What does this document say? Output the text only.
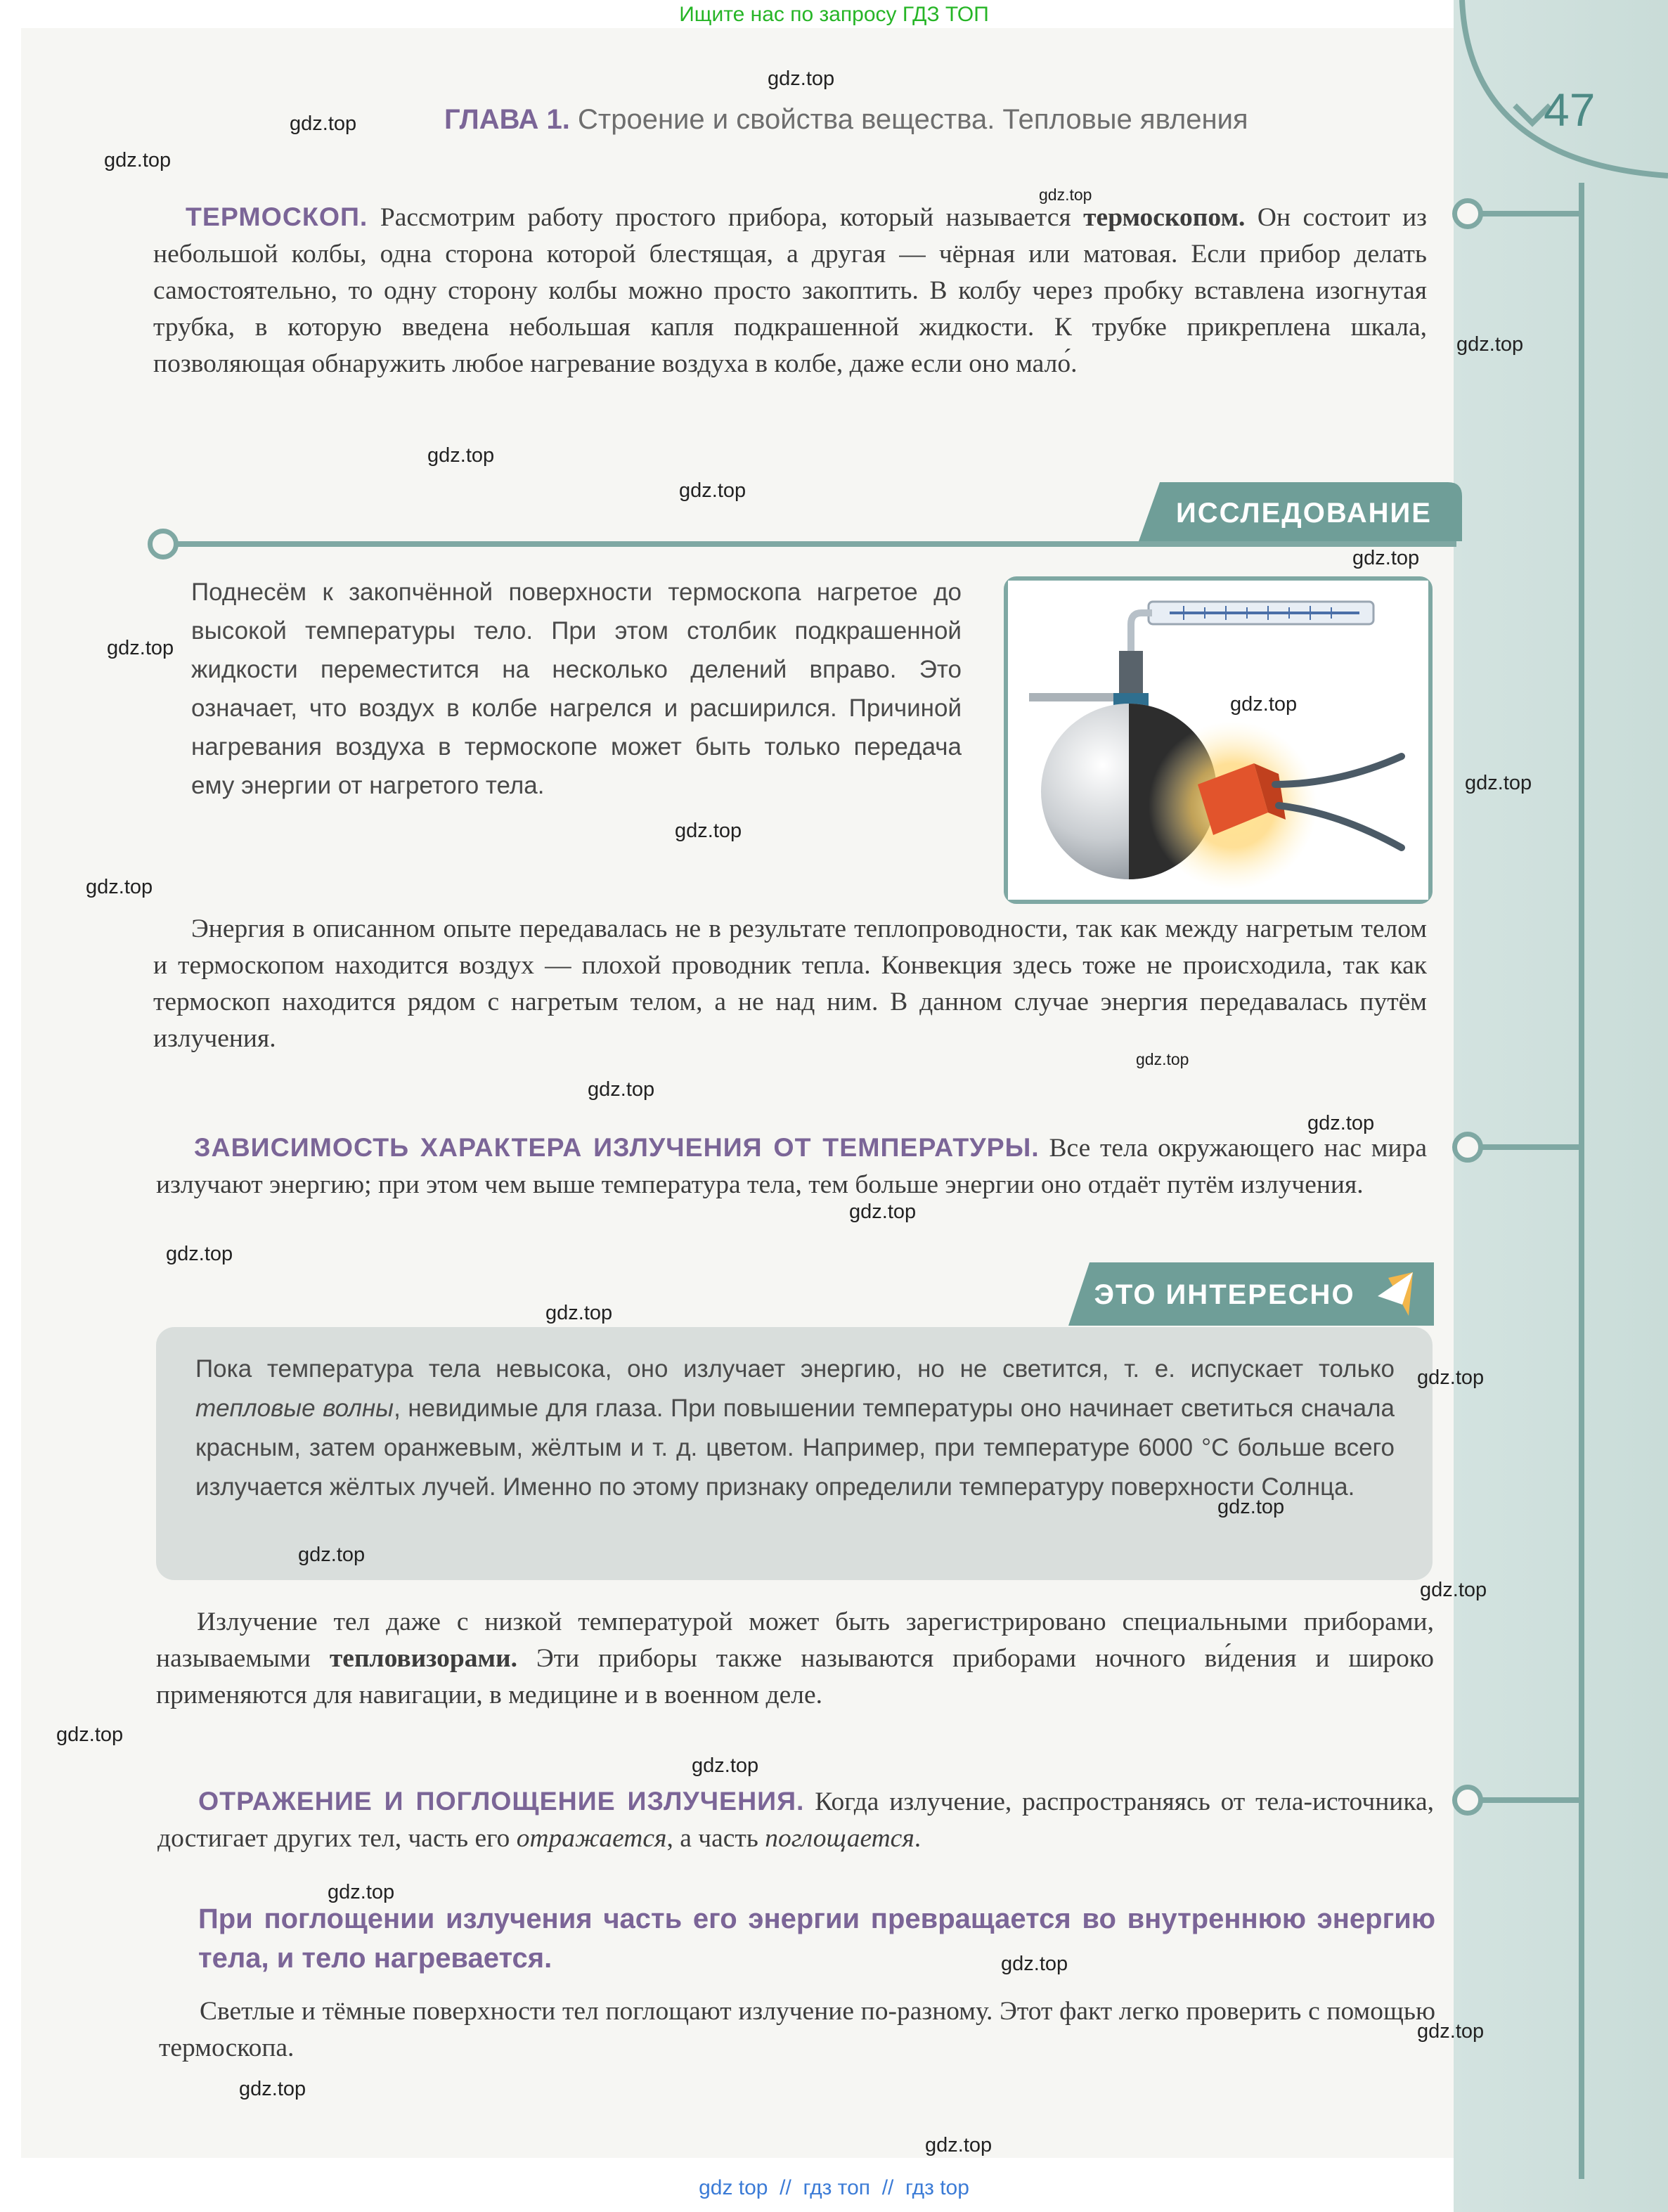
Ищите нас по запросу ГДЗ ТОП
47
ГЛАВА 1. Строение и свойства вещества. Тепловые явления
ТЕРМОСКОП. Рассмотрим работу простого прибора, который называется термоскопом. Он состоит из небольшой колбы, одна сторона которой блестящая, а другая — чёрная или матовая. Если прибор делать самостоятельно, то одну сторону колбы можно просто закоптить. В колбу через пробку вставлена изогнутая трубка, в которую введена небольшая капля подкрашенной жидкости. К трубке прикреплена шкала, позволяющая обнаружить любое нагревание воздуха в колбе, даже если оно мало́.
ИССЛЕДОВАНИЕ
Поднесём к закопчённой поверхности термоскопа нагретое до высокой температуры тело. При этом столбик подкрашенной жидкости переместится на несколько делений вправо. Это означает, что воздух в колбе нагрелся и расширился. Причиной нагревания воздуха в термоскопе может быть только передача ему энергии от нагретого тела.
Энергия в описанном опыте передавалась не в результате теплопроводности, так как между нагретым телом и термоскопом находится воздух — плохой проводник тепла. Конвекция здесь тоже не происходила, так как термоскоп находится рядом с нагретым телом, а не над ним. В данном случае энергия передавалась путём излучения.
ЗАВИСИМОСТЬ ХАРАКТЕРА ИЗЛУЧЕНИЯ ОТ ТЕМПЕРАТУРЫ. Все тела окружающего нас мира излучают энергию; при этом чем выше температура тела, тем больше энергии оно отдаёт путём излучения.
ЭТО ИНТЕРЕСНО
Пока температура тела невысока, оно излучает энергию, но не светится, т. е. испускает только тепловые волны, невидимые для глаза. При повышении температуры оно начинает светиться сначала красным, затем оранжевым, жёлтым и т. д. цветом. Например, при температуре 6000 °С больше всего излучается жёлтых лучей. Именно по этому признаку определили температуру поверхности Солнца.
Излучение тел даже с низкой температурой может быть зарегистрировано специальными приборами, называемыми тепловизорами. Эти приборы также называются приборами ночного ви́дения и широко применяются для навигации, в медицине и в военном деле.
ОТРАЖЕНИЕ И ПОГЛОЩЕНИЕ ИЗЛУЧЕНИЯ. Когда излучение, распространяясь от тела-источника, достигает других тел, часть его отражается, а часть поглощается.
При поглощении излучения часть его энергии превращается во внутреннюю энергию тела, и тело нагревается.
Светлые и тёмные поверхности тел поглощают излучение по-разному. Этот факт легко проверить с помощью термоскопа.
gdz.top
gdz.top
gdz.top
gdz.top
gdz.top
gdz.top
gdz.top
gdz.top
gdz.top
gdz.top
gdz.top
gdz.top
gdz.top
gdz.top
gdz.top
gdz.top
gdz.top
gdz.top
gdz.top
gdz.top
gdz.top
gdz.top
gdz.top
gdz.top
gdz.top
gdz.top
gdz.top
gdz.top
gdz.top
gdz.top
gdz top  //  гдз топ  //  гдз top
